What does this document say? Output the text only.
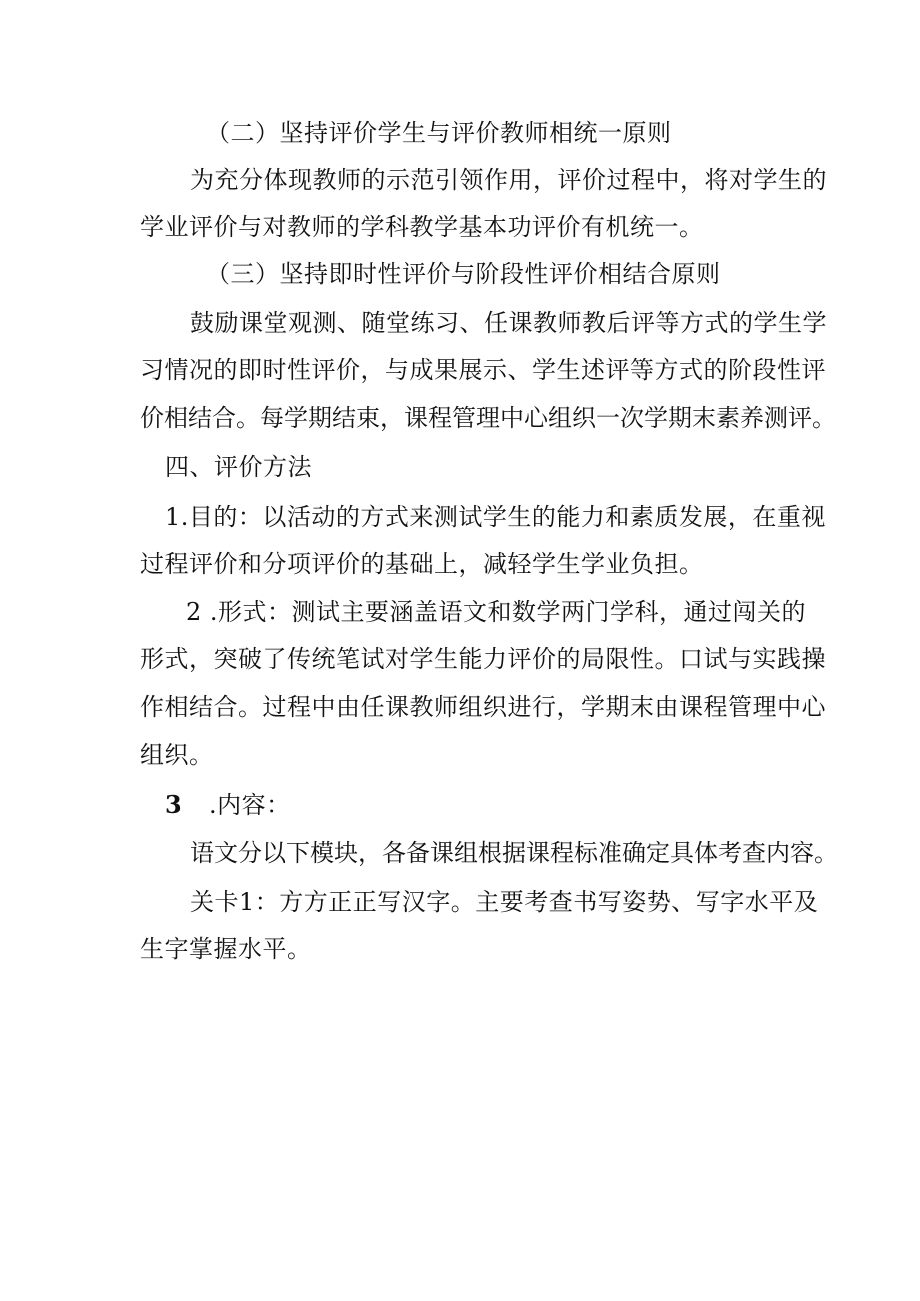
（二）坚持评价学生与评价教师相统一原则
为充分体现教师的示范引领作用，评价过程中，将对学生的
学业评价与对教师的学科教学基本功评价有机统一。
（三）坚持即时性评价与阶段性评价相结合原则
鼓励课堂观测、随堂练习、任课教师教后评等方式的学生学
习情况的即时性评价，与成果展示、学生述评等方式的阶段性评
价相结合。每学期结束，课程管理中心组织一次学期末素养测评。
四、评价方法
1.目的：以活动的方式来测试学生的能力和素质发展，在重视
过程评价和分项评价的基础上，减轻学生学业负担。
2 .形式：测试主要涵盖语文和数学两门学科，通过闯关的
形式，突破了传统笔试对学生能力评价的局限性。口试与实践操
作相结合。过程中由任课教师组织进行，学期末由课程管理中心
组织。
3 .内容：
语文分以下模块，各备课组根据课程标准确定具体考查内容。
关卡1：方方正正写汉字。主要考查书写姿势、写字水平及
生字掌握水平。
